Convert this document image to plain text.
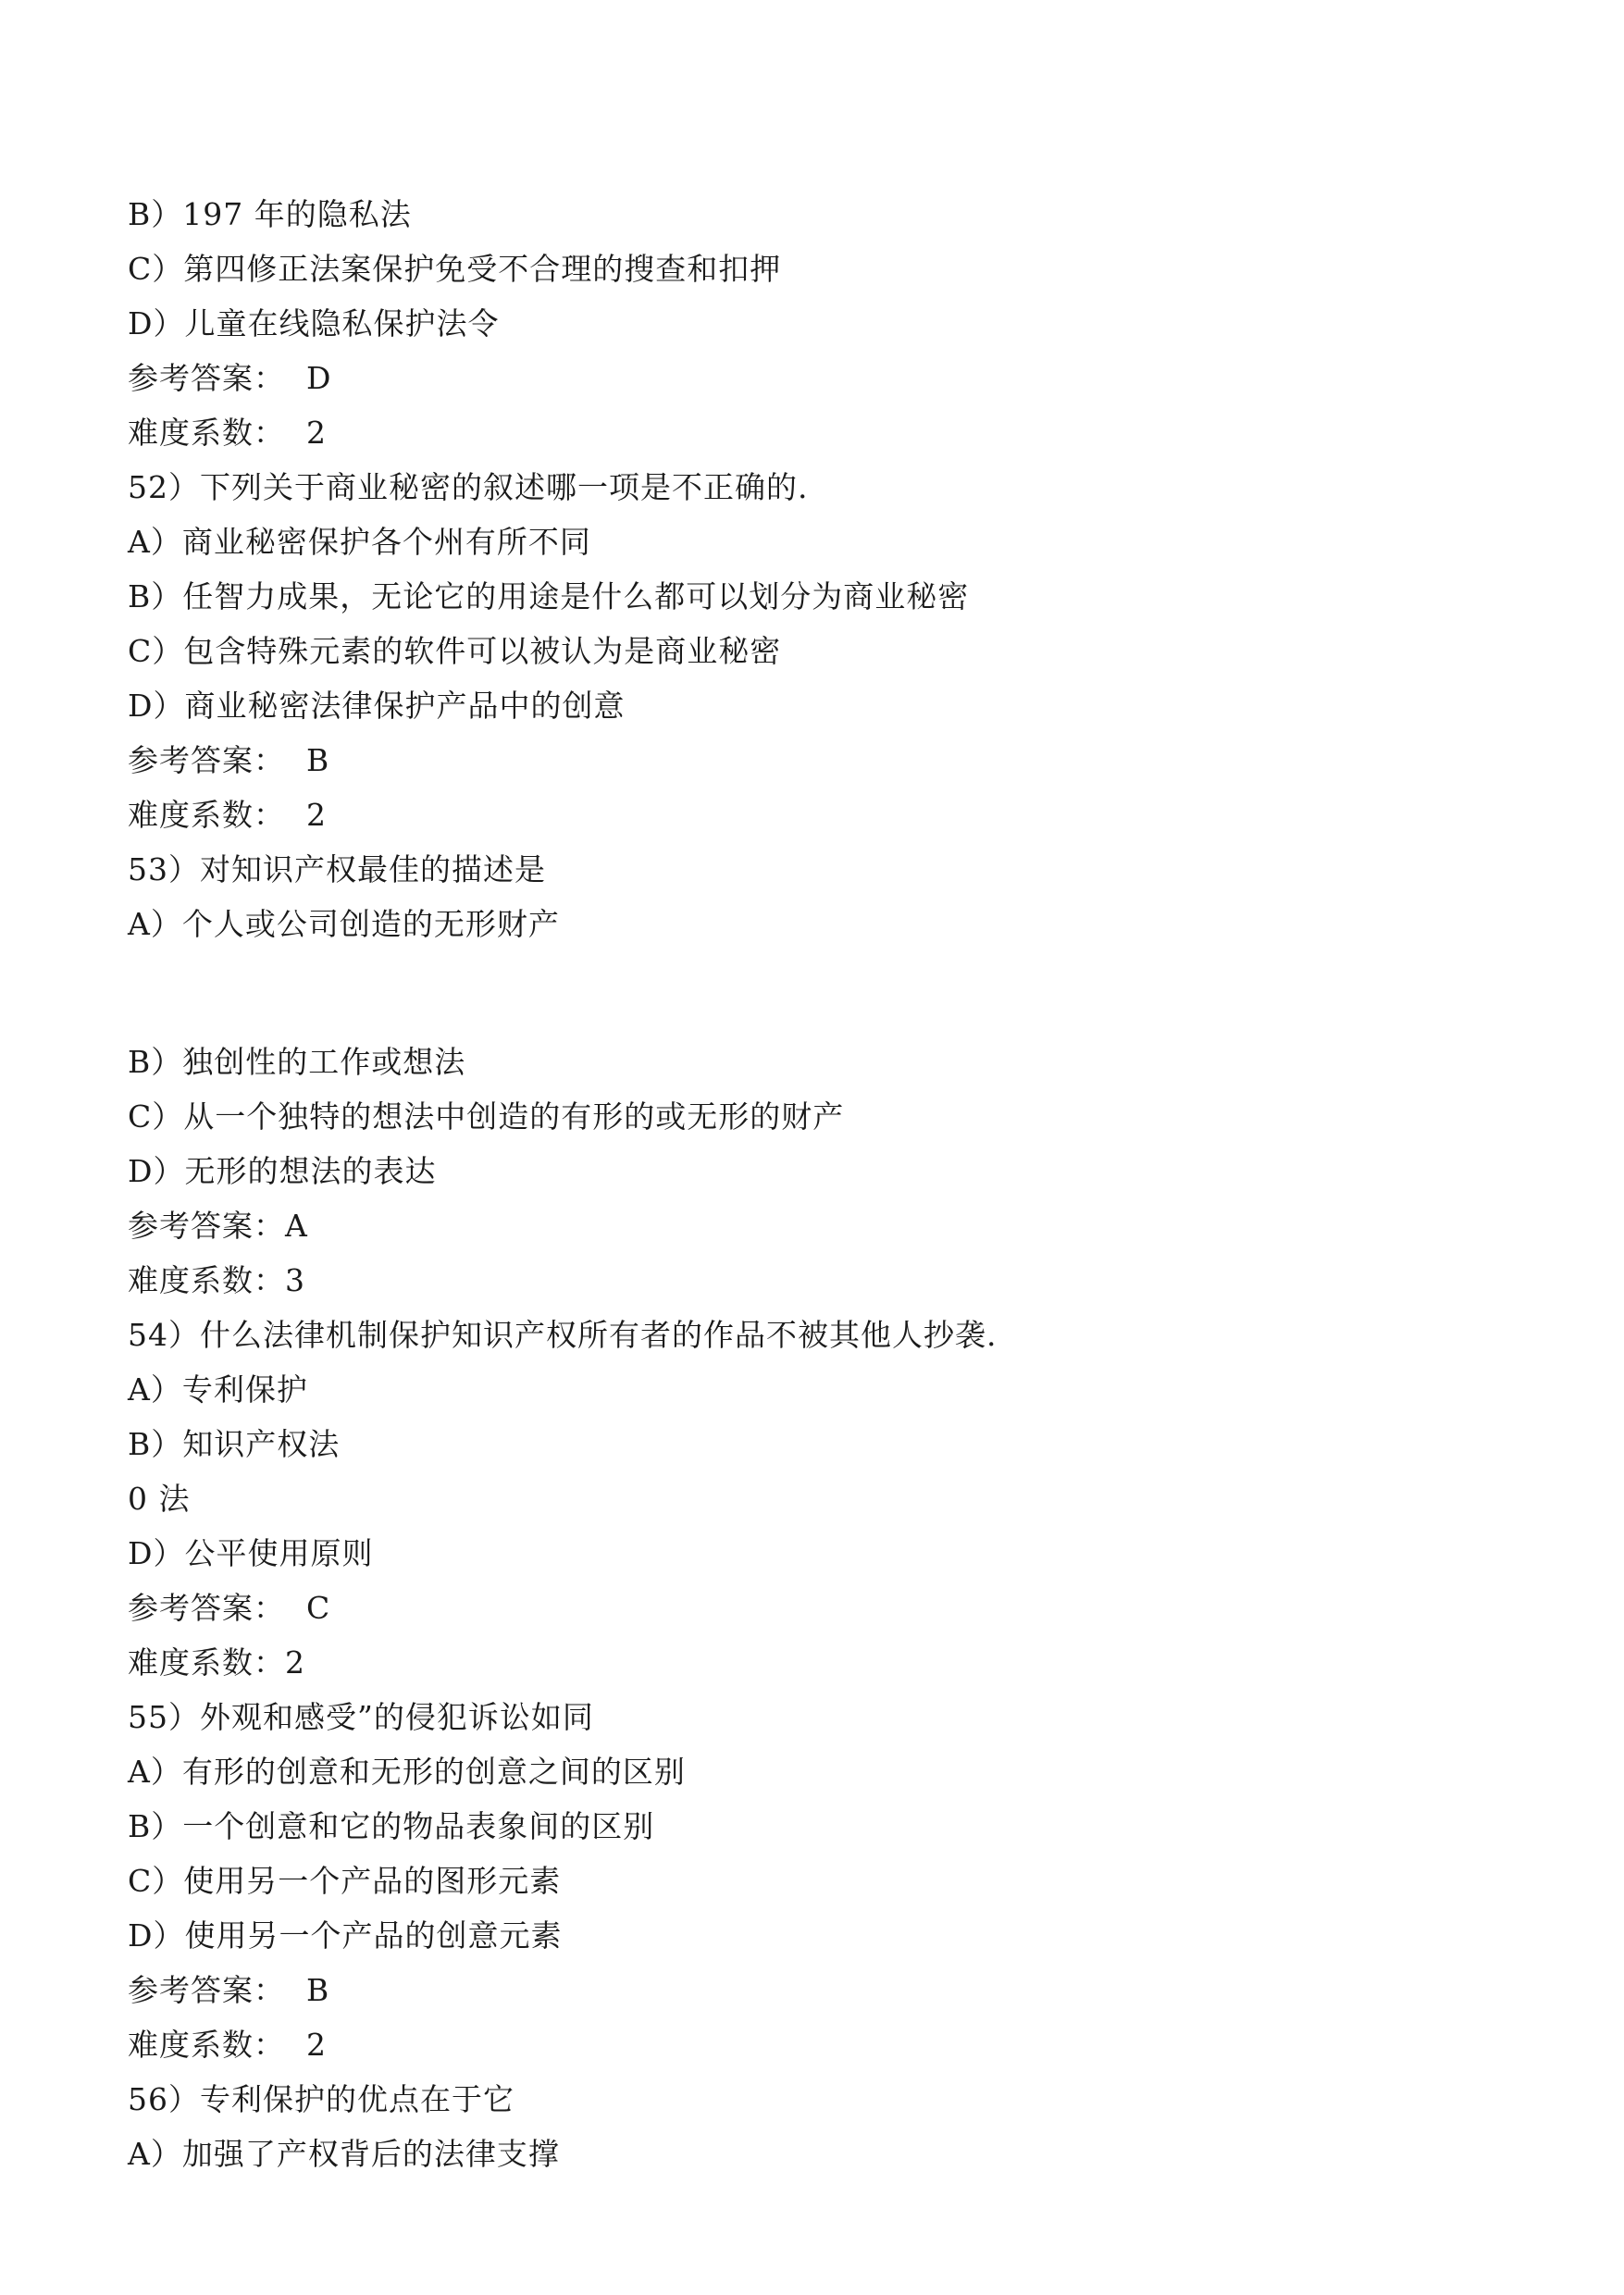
B）197 年的隐私法
C）第四修正法案保护免受不合理的搜查和扣押
D）儿童在线隐私保护法令
参考答案：  D
难度系数：  2
52）下列关于商业秘密的叙述哪一项是不正确的.
A）商业秘密保护各个州有所不同
B）任智力成果，无论它的用途是什么都可以划分为商业秘密
C）包含特殊元素的软件可以被认为是商业秘密
D）商业秘密法律保护产品中的创意
参考答案：  B
难度系数：  2
53）对知识产权最佳的描述是
A）个人或公司创造的无形财产
B）独创性的工作或想法
C）从一个独特的想法中创造的有形的或无形的财产
D）无形的想法的表达
参考答案：A
难度系数：3
54）什么法律机制保护知识产权所有者的作品不被其他人抄袭.
A）专利保护
B）知识产权法
0 法
D）公平使用原则
参考答案：  C
难度系数：2
55）外观和感受”的侵犯诉讼如同
A）有形的创意和无形的创意之间的区别
B）一个创意和它的物品表象间的区别
C）使用另一个产品的图形元素
D）使用另一个产品的创意元素
参考答案：  B
难度系数：  2
56）专利保护的优点在于它
A）加强了产权背后的法律支撑
